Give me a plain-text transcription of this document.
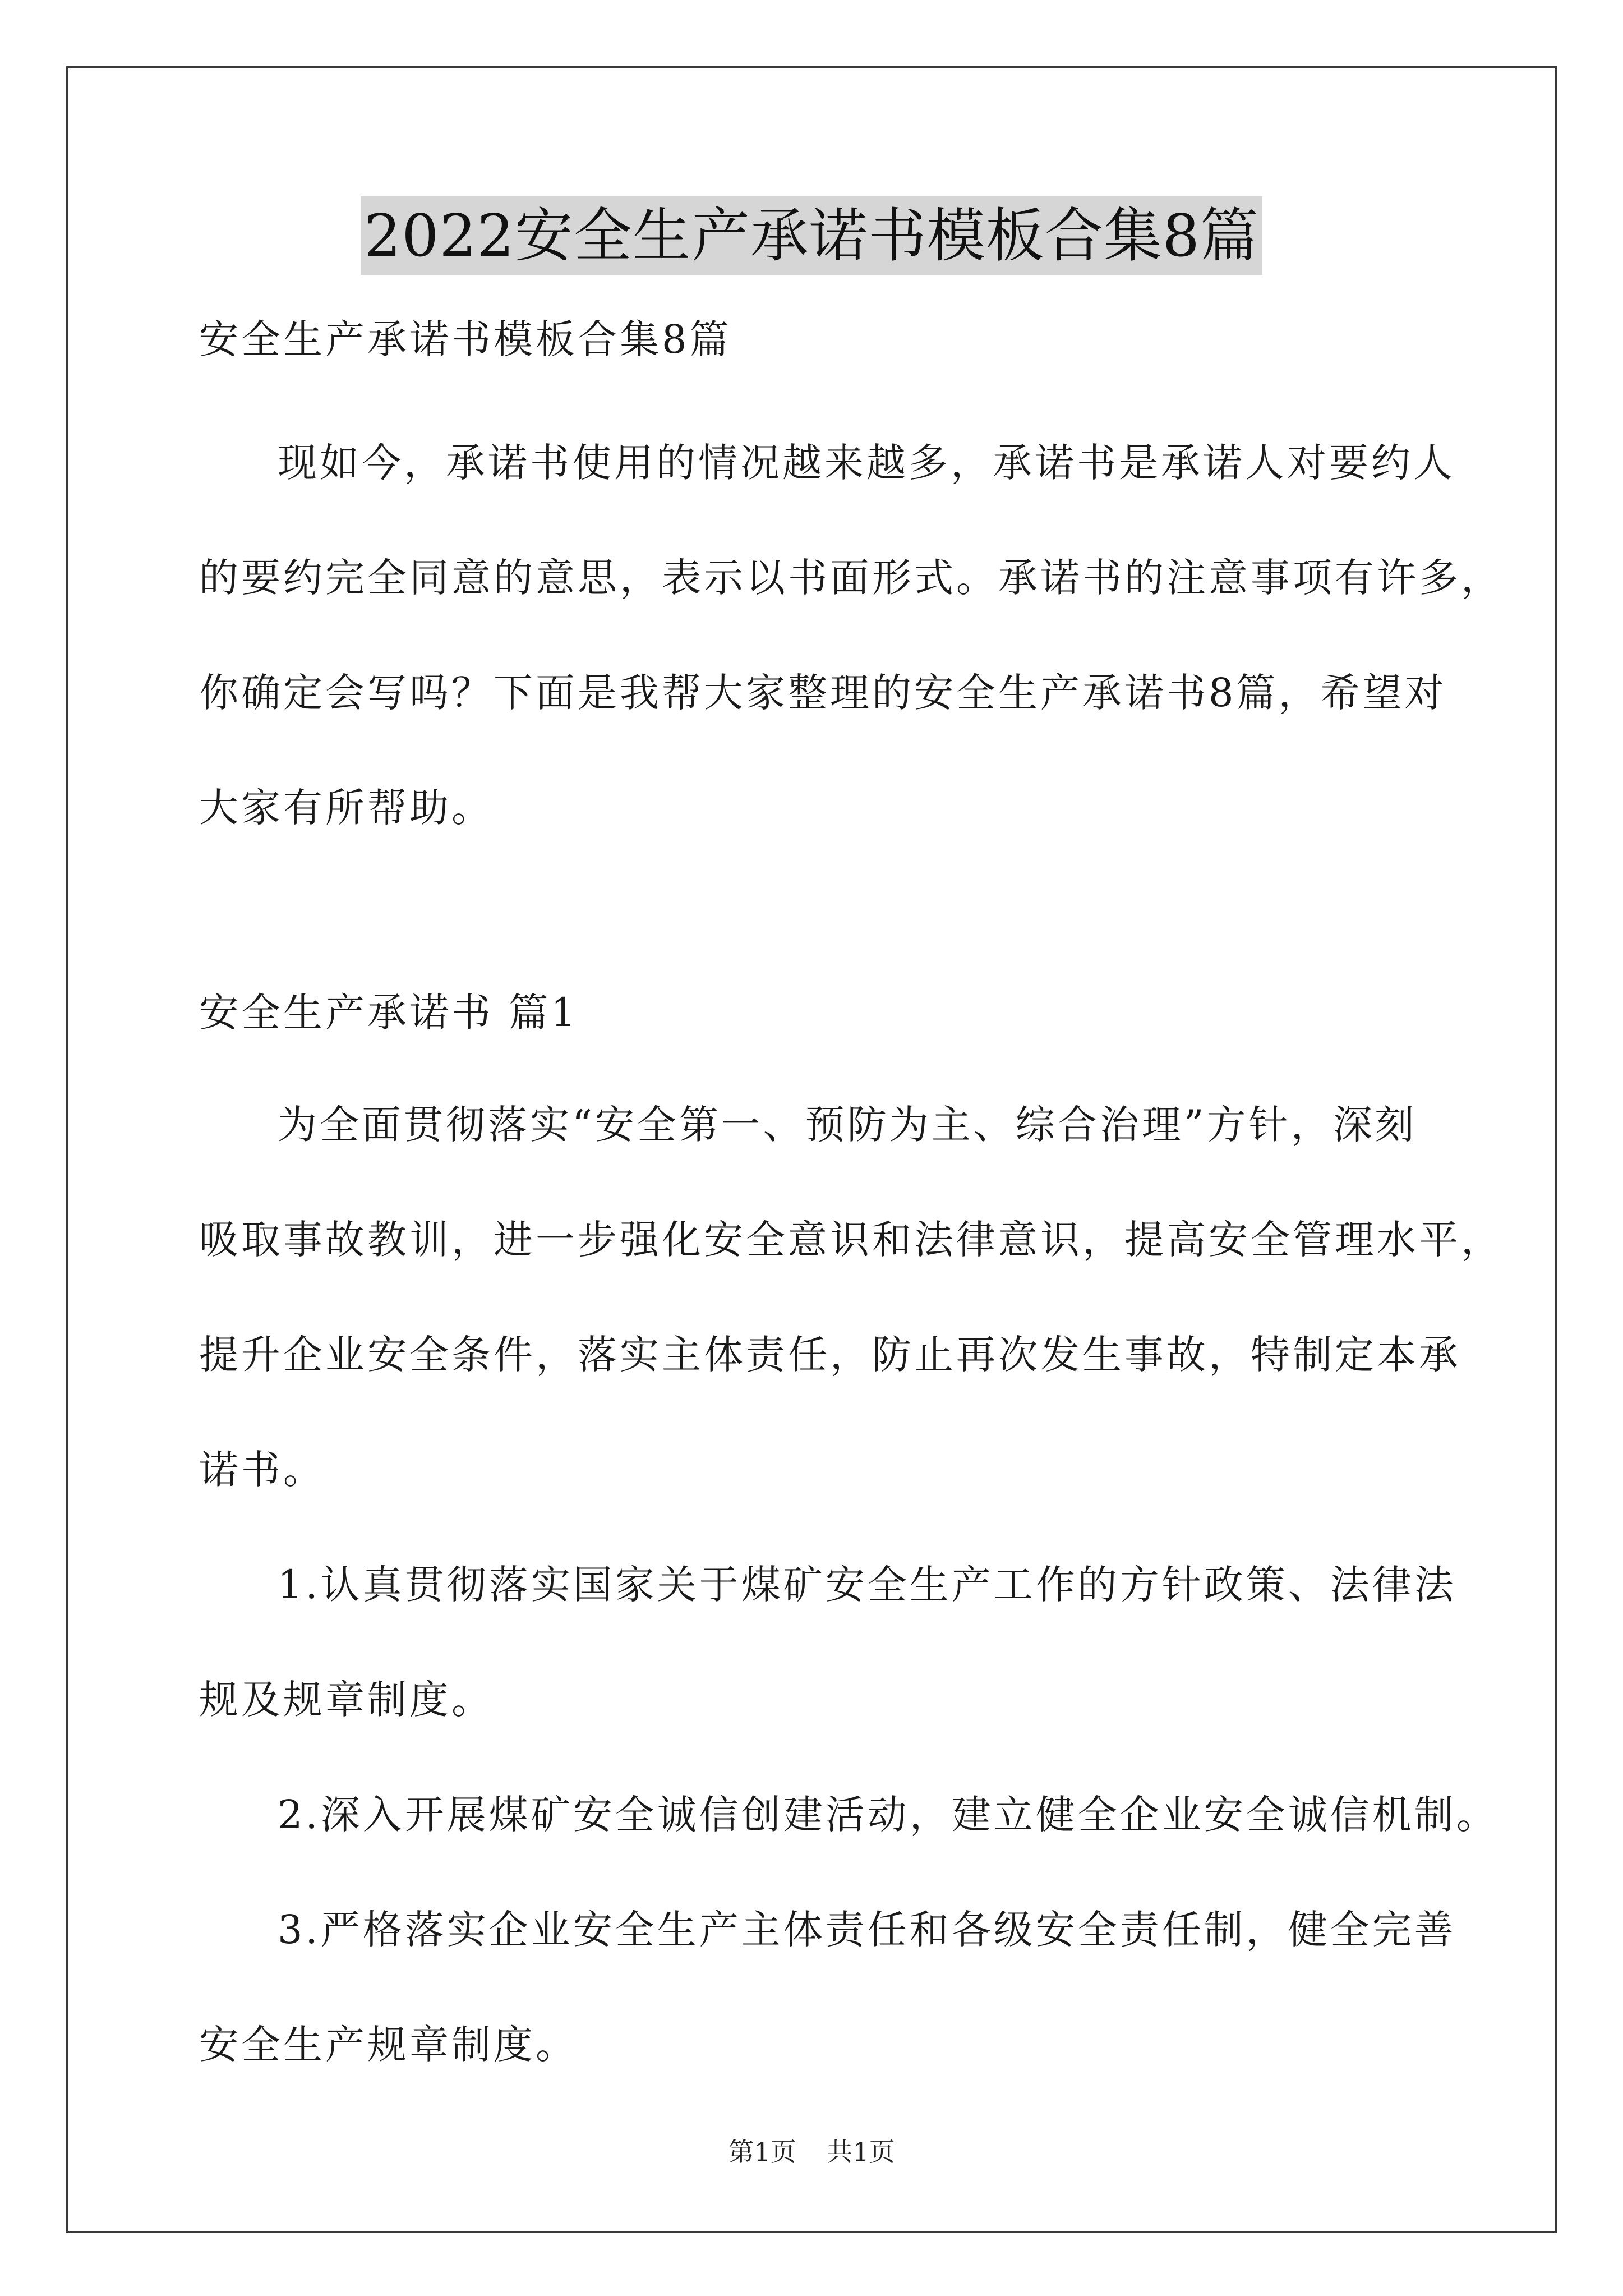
2022安全生产承诺书模板合集8篇
安全生产承诺书模板合集8篇
现如今，承诺书使用的情况越来越多，承诺书是承诺人对要约人
的要约完全同意的意思，表示以书面形式。承诺书的注意事项有许多，
你确定会写吗？下面是我帮大家整理的安全生产承诺书8篇，希望对
大家有所帮助。
安全生产承诺书 篇1
为全面贯彻落实“安全第一、预防为主、综合治理”方针，深刻
吸取事故教训，进一步强化安全意识和法律意识，提高安全管理水平，
提升企业安全条件，落实主体责任，防止再次发生事故，特制定本承
诺书。
1.认真贯彻落实国家关于煤矿安全生产工作的方针政策、法律法
规及规章制度。
2.深入开展煤矿安全诚信创建活动，建立健全企业安全诚信机制。
3.严格落实企业安全生产主体责任和各级安全责任制，健全完善
安全生产规章制度。
第1页 共1页
